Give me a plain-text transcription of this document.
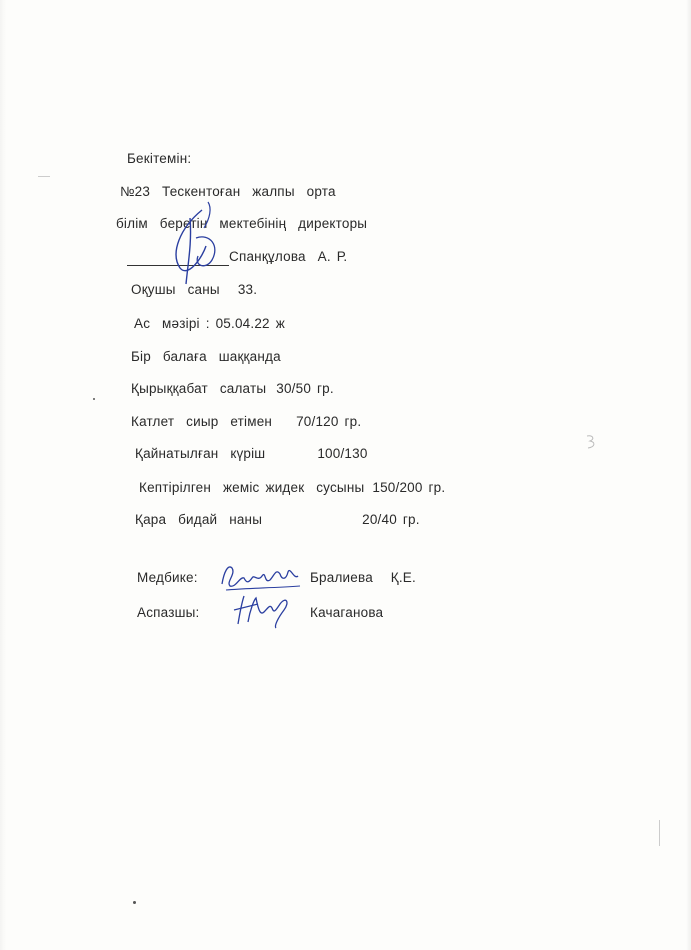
Бекітемін:
№23  Тескентоған  жалпы  орта
білім  беретін  мектебінің  директоры
Спанқұлова  А. Р.
Оқушы  саны 33.
Ас  мәзірі : 05.04.22 ж
Бір  балаға  шаққанда
Қырыққабат  салаты 30/50 гр.
Катлет  сиыр  етімен 70/120 гр.
Қайнатылған  күріш	100/130
Кептірілген  жеміс жидек  сусыны 150/200 гр.
Қара  бидай  наны	20/40 гр.
Медбике:	Бралиева   Қ.Е.
Аспазшы:	Качаганова
